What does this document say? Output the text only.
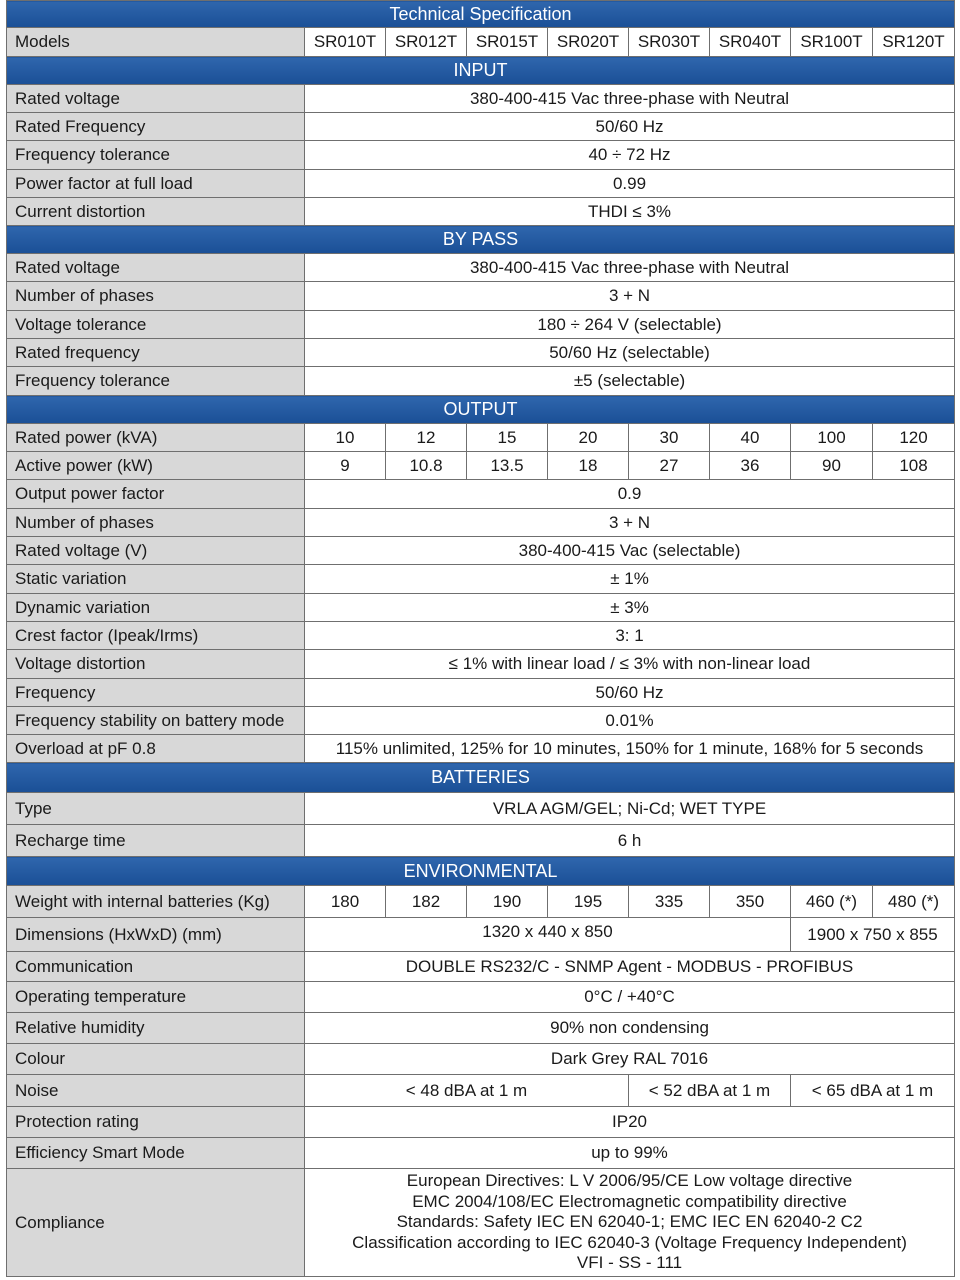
Technical Specification								
Models	SR010T	SR012T	SR015T	SR020T	SR030T	SR040T	SR100T	SR120T
INPUT								
Rated voltage	380-400-415 Vac three-phase with Neutral							
Rated Frequency	50/60 Hz							
Frequency tolerance	40 ÷ 72 Hz							
Power factor at full load	0.99							
Current distortion	THDI ≤ 3%							
BY PASS								
Rated voltage	380-400-415 Vac three-phase with Neutral							
Number of phases	3 + N							
Voltage tolerance	180 ÷ 264 V (selectable)							
Rated frequency	50/60 Hz (selectable)							
Frequency tolerance	±5 (selectable)							
OUTPUT								
Rated power (kVA)	10	12	15	20	30	40	100	120
Active power (kW)	9	10.8	13.5	18	27	36	90	108
Output power factor	0.9							
Number of phases	3 + N							
Rated voltage (V)	380-400-415 Vac (selectable)							
Static variation	± 1%							
Dynamic variation	± 3%							
Crest factor (Ipeak/Irms)	3: 1							
Voltage distortion	≤ 1% with linear load / ≤ 3% with non-linear load							
Frequency	50/60 Hz							
Frequency stability on battery mode	0.01%							
Overload at pF 0.8	115% unlimited, 125% for 10 minutes, 150% for 1 minute, 168% for 5 seconds							
BATTERIES								
Type	VRLA AGM/GEL; Ni-Cd; WET TYPE							
Recharge time	6 h							
ENVIRONMENTAL								
Weight with internal batteries (Kg)	180	182	190	195	335	350	460 (*)	480 (*)
Dimensions (HxWxD) (mm)	1320 x 440 x 850						1900 x 750 x 855	
Communication	DOUBLE RS232/C - SNMP Agent - MODBUS - PROFIBUS							
Operating temperature	0°C / +40°C							
Relative humidity	90% non condensing							
Colour	Dark Grey RAL 7016							
Noise	< 48 dBA at 1 m				< 52 dBA at 1 m		< 65 dBA at 1 m	
Protection rating	IP20							
Efficiency Smart Mode	up to 99%							
Compliance	European Directives: L V 2006/95/CE Low voltage directive
EMC 2004/108/EC Electromagnetic compatibility directive
Standards: Safety IEC EN 62040-1; EMC IEC EN 62040-2 C2
Classification according to IEC 62040-3 (Voltage Frequency Independent)
VFI - SS - 111							
